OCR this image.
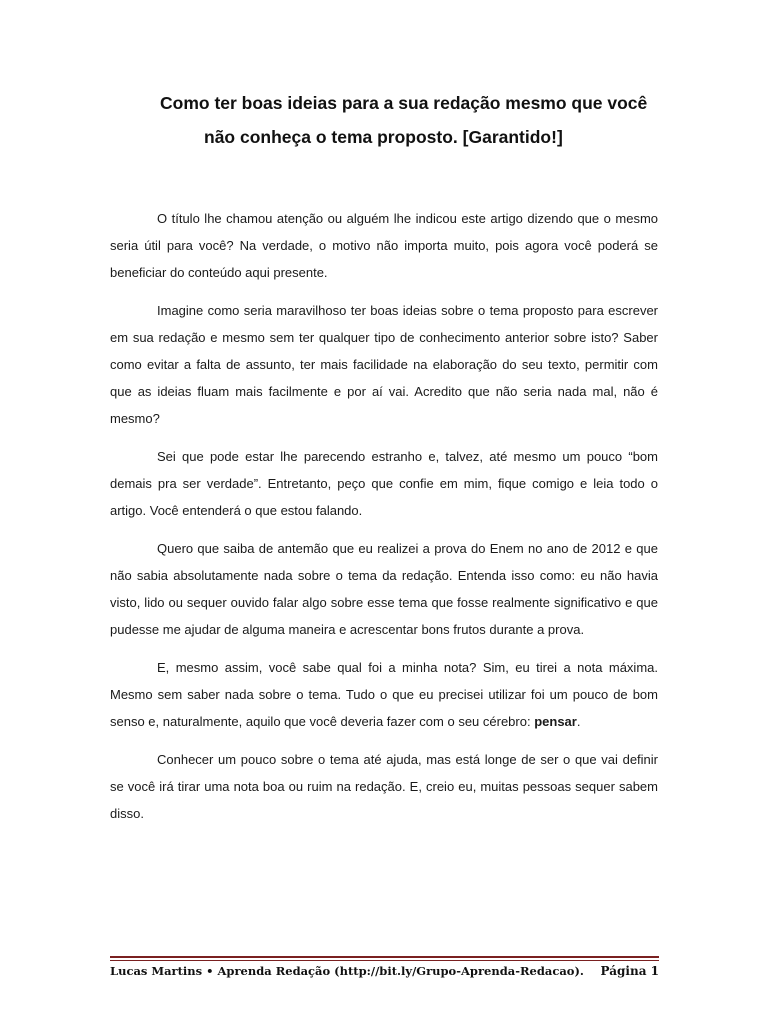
Como ter boas ideias para a sua redação mesmo que você
não conheça o tema proposto. [Garantido!]

O título lhe chamou atenção ou alguém lhe indicou este artigo dizendo que o mesmo seria útil para você? Na verdade, o motivo não importa muito, pois agora você poderá se beneficiar do conteúdo aqui presente.

Imagine como seria maravilhoso ter boas ideias sobre o tema proposto para escrever em sua redação e mesmo sem ter qualquer tipo de conhecimento anterior sobre isto? Saber como evitar a falta de assunto, ter mais facilidade na elaboração do seu texto, permitir com que as ideias fluam mais facilmente e por aí vai. Acredito que não seria nada mal, não é mesmo?

Sei que pode estar lhe parecendo estranho e, talvez, até mesmo um pouco “bom demais pra ser verdade”. Entretanto, peço que confie em mim, fique comigo e leia todo o artigo. Você entenderá o que estou falando.

Quero que saiba de antemão que eu realizei a prova do Enem no ano de 2012 e que não sabia absolutamente nada sobre o tema da redação. Entenda isso como: eu não havia visto, lido ou sequer ouvido falar algo sobre esse tema que fosse realmente significativo e que pudesse me ajudar de alguma maneira e acrescentar bons frutos durante a prova.

E, mesmo assim, você sabe qual foi a minha nota? Sim, eu tirei a nota máxima. Mesmo sem saber nada sobre o tema. Tudo o que eu precisei utilizar foi um pouco de bom senso e, naturalmente, aquilo que você deveria fazer com o seu cérebro: pensar.

Conhecer um pouco sobre o tema até ajuda, mas está longe de ser o que vai definir se você irá tirar uma nota boa ou ruim na redação. E, creio eu, muitas pessoas sequer sabem disso.

Lucas Martins • Aprenda Redação (http://bit.ly/Grupo-Aprenda-Redacao). Página 1
